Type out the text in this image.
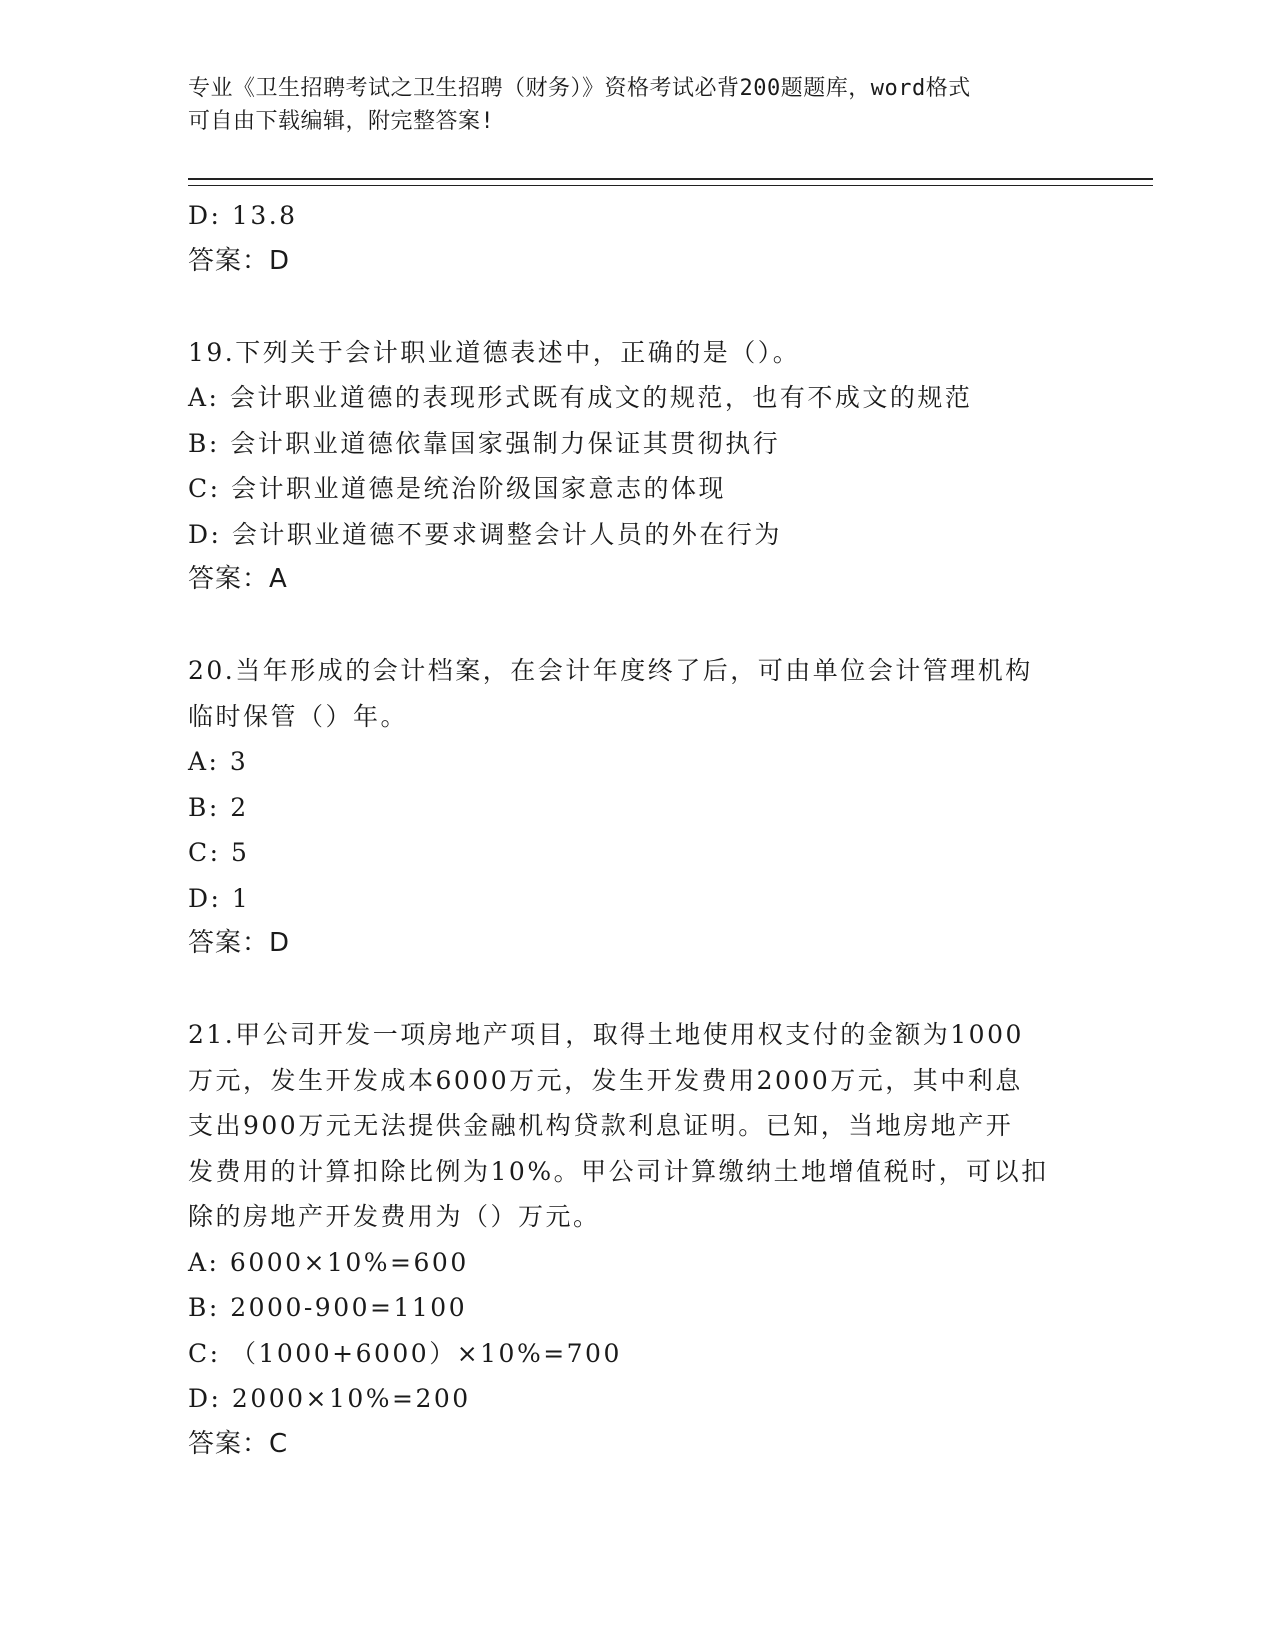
专业《卫生招聘考试之卫生招聘（财务）》资格考试必背200题题库，word格式
可自由下载编辑，附完整答案!
D: 13.8
答案：D
19.下列关于会计职业道德表述中，正确的是（）。
A: 会计职业道德的表现形式既有成文的规范，也有不成文的规范
B: 会计职业道德依靠国家强制力保证其贯彻执行
C: 会计职业道德是统治阶级国家意志的体现
D: 会计职业道德不要求调整会计人员的外在行为
答案：A
20.当年形成的会计档案，在会计年度终了后，可由单位会计管理机构
临时保管（）年。
A: 3
B: 2
C: 5
D: 1
答案：D
21.甲公司开发一项房地产项目，取得土地使用权支付的金额为1000
万元，发生开发成本6000万元，发生开发费用2000万元，其中利息
支出900万元无法提供金融机构贷款利息证明。已知，当地房地产开
发费用的计算扣除比例为10%。甲公司计算缴纳土地增值税时，可以扣
除的房地产开发费用为（）万元。
A: 6000×10%=600
B: 2000-900=1100
C: （1000+6000）×10%=700
D: 2000×10%=200
答案：C
